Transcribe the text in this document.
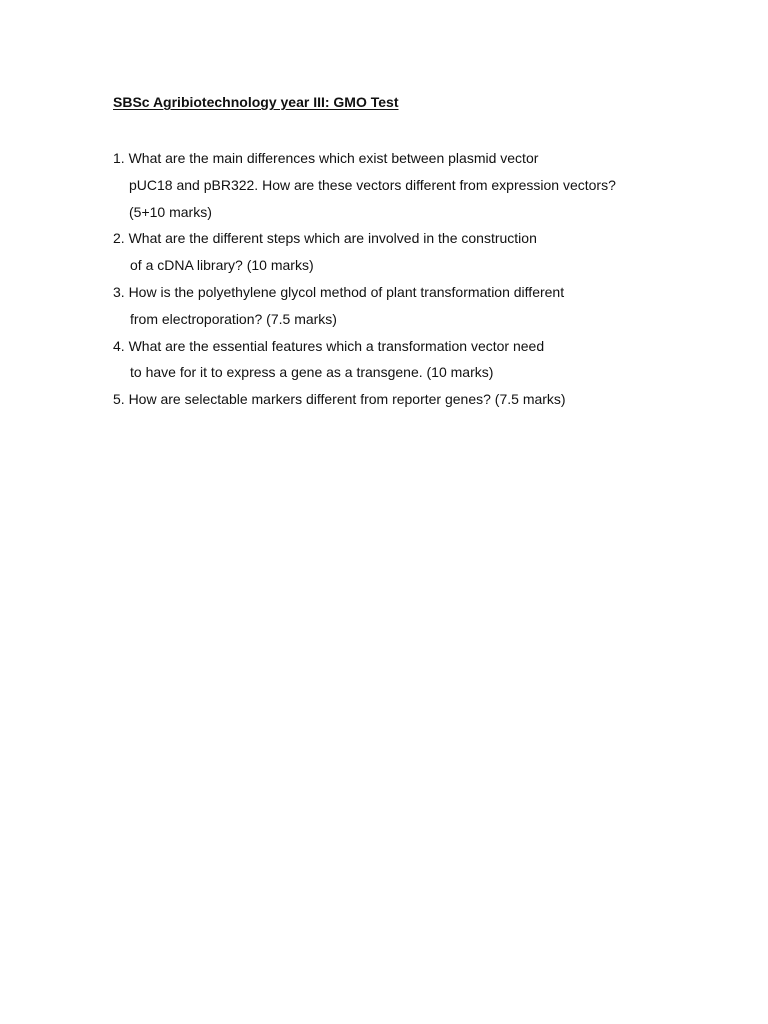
SBSc Agribiotechnology year III: GMO Test
1. What are the main differences which exist between plasmid vector
pUC18 and pBR322. How are these vectors different from expression vectors?
(5+10 marks)
2. What are the different steps which are involved in the construction
of a cDNA library? (10 marks)
3. How is the polyethylene glycol method of plant transformation different
from electroporation? (7.5 marks)
4. What are the essential features which a transformation vector need
to have for it to express a gene as a transgene. (10 marks)
5. How are selectable markers different from reporter genes? (7.5 marks)
